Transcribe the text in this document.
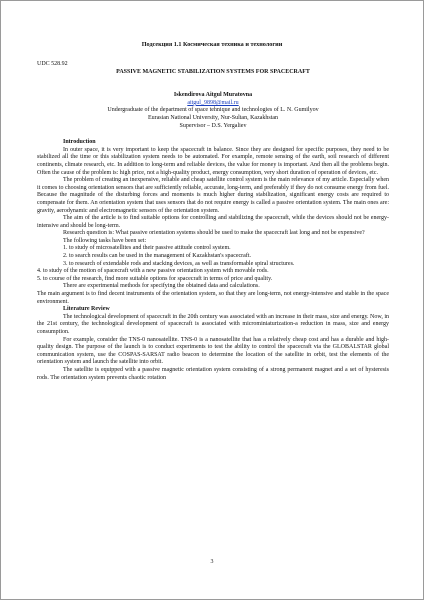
Подсекция 1.1 Космическая техника и технологии

UDC 528.92

PASSIVE MAGNETIC STABILIZATION SYSTEMS FOR SPACECRAFT

Iskendirova Aitgul Muratovna

aitgul_9898@mail.ru

Undergraduate of the department of space tehnique and technologies of L. N. Gumilyov

Eurasian National University, Nur-Sultan, Kazakhstan

Supervisor – D.S. Yergaliev

Introduction

In outer space, it is very important to keep the spacecraft in balance. Since they are designed for specific purposes, they need to be stabilized all the time or this stabilization system needs to be automated. For example, remote sensing of the earth, soil research of different continents, climate research, etc. In addition to long-term and reliable devices, the value for money is important. And then all the problems begin. Often the cause of the problem is: high price, not a high-quality product, energy consumption, very short duration of operation of devices, etc.

The problem of creating an inexpensive, reliable and cheap satellite control system is the main relevance of my article. Especially when it comes to choosing orientation sensors that are sufficiently reliable, accurate, long-term, and preferably if they do not consume energy from fuel. Because the magnitude of the disturbing forces and moments is much higher during stabilization, significant energy costs are required to compensate for them. An orientation system that uses sensors that do not require energy is called a passive orientation system. The main ones are: gravity, aerodynamic and electromagnetic sensors of the orientation system.

The aim of the article is to find suitable options for controlling and stabilizing the spacecraft, while the devices should not be energy-intensive and should be long-term.

Research question is: What passive orientation systems should be used to make the spacecraft last long and not be expensive?

The following tasks have been set:

1. to study of microsatellites and their passive attitude control system.

2. to search results can be used in the management of Kazakhstan's spacecraft.

3. to research of extendable rods and stacking devices, as well as transformable spiral structures.

4. to study of the motion of spacecraft with a new passive orientation system with movable rods.

5. to course of the research, find more suitable options for spacecraft in terms of price and quality.

There are experimental methods for specifying the obtained data and calculations.

The main argument is to find decent instruments of the orientation system, so that they are long-term, not energy-intensive and stable in the space environment.

Literature Review

The technological development of spacecraft in the 20th century was associated with an increase in their mass, size and energy. Now, in the 21st century, the technological development of spacecraft is associated with microminiaturization-a reduction in mass, size and energy consumption.

For example, consider the TNS-0 nanosatellite. TNS-0 is a nanosatellite that has a relatively cheap cost and has a durable and high-quality design. The purpose of the launch is to conduct experiments to test the ability to control the spacecraft via the GLOBALSTAR global communication system, use the COSPAS-SARSAT radio beacon to determine the location of the satellite in orbit, test the elements of the orientation system and launch the satellite into orbit.

The satellite is equipped with a passive magnetic orientation system consisting of a strong permanent magnet and a set of hysteresis rods. The orientation system prevents chaotic rotation

3
